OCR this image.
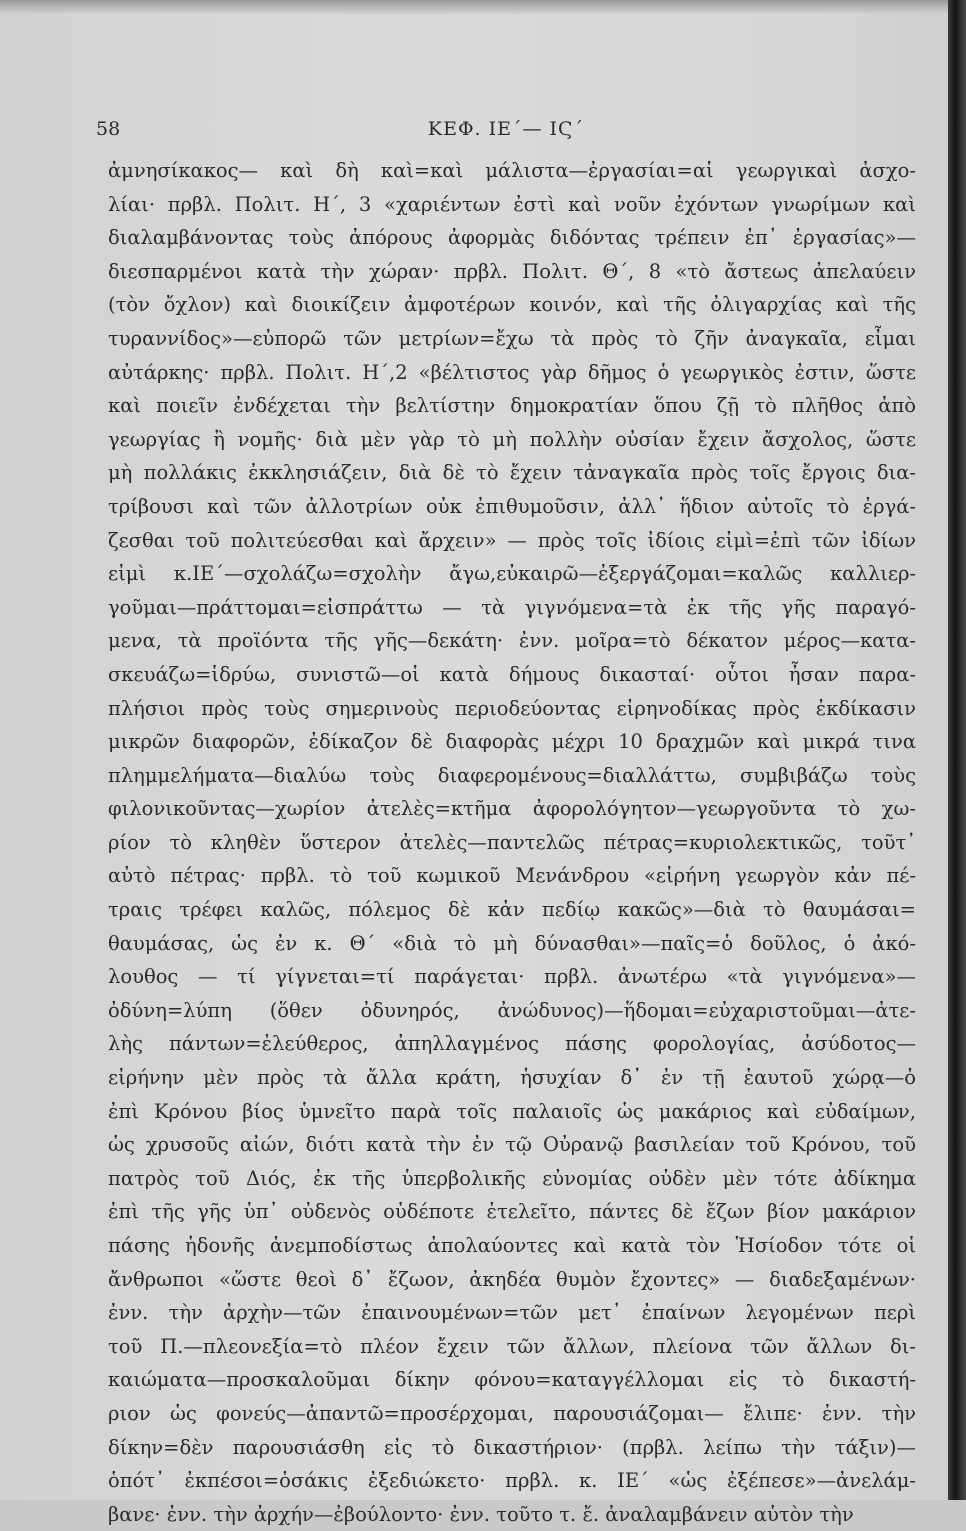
58	ΚΕΦ. ΙΕ΄— ΙϚ΄
ἀμνησίκακος— καὶ δὴ καὶ=καὶ μάλιστα—ἐργασίαι=αἱ γεωργικαὶ ἀσχο-
λίαι· πρβλ. Πολιτ. Η΄, 3 «χαριέντων ἐστὶ καὶ νοῦν ἐχόντων γνωρίμων καὶ
διαλαμβάνοντας τοὺς ἀπόρους ἀφορμὰς διδόντας τρέπειν ἐπ᾽ ἐργασίας»—
διεσπαρμένοι κατὰ τὴν χώραν· πρβλ. Πολιτ. Θ΄, 8 «τὸ ἄστεως ἀπελαύειν
(τὸν ὄχλον) καὶ διοικίζειν ἀμφοτέρων κοινόν, καὶ τῆς ὀλιγαρχίας καὶ τῆς
τυραννίδος»—εὐπορῶ τῶν μετρίων=ἔχω τὰ πρὸς τὸ ζῆν ἀναγκαῖα, εἶμαι
αὐτάρκης· πρβλ. Πολιτ. Η΄,2 «βέλτιστος γὰρ δῆμος ὁ γεωργικὸς ἐστιν, ὥστε
καὶ ποιεῖν ἐνδέχεται τὴν βελτίστην δημοκρατίαν ὅπου ζῇ τὸ πλῆθος ἀπὸ
γεωργίας ἢ νομῆς· διὰ μὲν γὰρ τὸ μὴ πολλὴν οὐσίαν ἔχειν ἄσχολος, ὥστε
μὴ πολλάκις ἐκκλησιάζειν, διὰ δὲ τὸ ἔχειν τἀναγκαῖα πρὸς τοῖς ἔργοις δια-
τρίβουσι καὶ τῶν ἀλλοτρίων οὐκ ἐπιθυμοῦσιν, ἀλλ᾽ ἥδιον αὐτοῖς τὸ ἐργά-
ζεσθαι τοῦ πολιτεύεσθαι καὶ ἄρχειν» — πρὸς τοῖς ἰδίοις εἰμὶ=ἐπὶ τῶν ἰδίων
εἰμὶ κ.ΙΕ΄—σχολάζω=σχολὴν ἄγω,εὐκαιρῶ—ἐξεργάζομαι=καλῶς καλλιερ-
γοῦμαι—πράττομαι=εἰσπράττω — τὰ γιγνόμενα=τὰ ἐκ τῆς γῆς παραγό-
μενα, τὰ προϊόντα τῆς γῆς—δεκάτη· ἐνν. μοῖρα=τὸ δέκατον μέρος—κατα-
σκευάζω=ἱδρύω, συνιστῶ—οἱ κατὰ δήμους δικασταί· οὗτοι ἦσαν παρα-
πλήσιοι πρὸς τοὺς σημερινοὺς περιοδεύοντας εἰρηνοδίκας πρὸς ἐκδίκασιν
μικρῶν διαφορῶν, ἐδίκαζον δὲ διαφορὰς μέχρι 10 δραχμῶν καὶ μικρά τινα
πλημμελήματα—διαλύω τοὺς διαφερομένους=διαλλάττω, συμβιβάζω τοὺς
φιλονικοῦντας—χωρίον ἀτελὲς=κτῆμα ἀφορολόγητον—γεωργοῦντα τὸ χω-
ρίον τὸ κληθὲν ὕστερον ἀτελὲς—παντελῶς πέτρας=κυριολεκτικῶς, τοῦτ᾽
αὐτὸ πέτρας· πρβλ. τὸ τοῦ κωμικοῦ Μενάνδρου «εἰρήνη γεωργὸν κἀν πέ-
τραις τρέφει καλῶς, πόλεμος δὲ κἀν πεδίῳ κακῶς»—διὰ τὸ θαυμάσαι=
θαυμάσας, ὡς ἐν κ. Θ΄ «διὰ τὸ μὴ δύνασθαι»—παῖς=ὁ δοῦλος, ὁ ἀκό-
λουθος — τί γίγνεται=τί παράγεται· πρβλ. ἀνωτέρω «τὰ γιγνόμενα»—
ὀδύνη=λύπη (ὅθεν ὀδυνηρός, ἀνώδυνος)—ἥδομαι=εὐχαριστοῦμαι—ἀτε-
λὴς πάντων=ἐλεύθερος, ἀπηλλαγμένος πάσης φορολογίας, ἀσύδοτος—
εἰρήνην μὲν πρὸς τὰ ἄλλα κράτη, ἡσυχίαν δ᾽ ἐν τῇ ἑαυτοῦ χώρᾳ—ὁ
ἐπὶ Κρόνου βίος ὑμνεῖτο παρὰ τοῖς παλαιοῖς ὡς μακάριος καὶ εὐδαίμων,
ὡς χρυσοῦς αἰών, διότι κατὰ τὴν ἐν τῷ Οὐρανῷ βασιλείαν τοῦ Κρόνου, τοῦ
πατρὸς τοῦ Διός, ἐκ τῆς ὑπερβολικῆς εὐνομίας οὐδὲν μὲν τότε ἀδίκημα
ἐπὶ τῆς γῆς ὑπ᾽ οὐδενὸς οὐδέποτε ἐτελεῖτο, πάντες δὲ ἔζων βίον μακάριον
πάσης ἡδονῆς ἀνεμποδίστως ἀπολαύοντες καὶ κατὰ τὸν Ἡσίοδον τότε οἱ
ἄνθρωποι «ὥστε θεοὶ δ᾽ ἔζωον, ἀκηδέα θυμὸν ἔχοντες» — διαδεξαμένων·
ἐνν. τὴν ἀρχὴν—τῶν ἐπαινουμένων=τῶν μετ᾽ ἐπαίνων λεγομένων περὶ
τοῦ Π.—πλεονεξία=τὸ πλέον ἔχειν τῶν ἄλλων, πλείονα τῶν ἄλλων δι-
καιώματα—προσκαλοῦμαι δίκην φόνου=καταγγέλλομαι εἰς τὸ δικαστή-
ριον ὡς φονεύς—ἀπαντῶ=προσέρχομαι, παρουσιάζομαι— ἔλιπε· ἐνν. τὴν
δίκην=δὲν παρουσιάσθη εἰς τὸ δικαστήριον· (πρβλ. λείπω τὴν τάξιν)—
ὁπότ᾽ ἐκπέσοι=ὁσάκις ἐξεδιώκετο· πρβλ. κ. ΙΕ΄ «ὡς ἐξέπεσε»—ἀνελάμ-
βανε· ἐνν. τὴν ἀρχήν—ἐβούλοντο· ἐνν. τοῦτο τ. ἔ. ἀναλαμβάνειν αὐτὸν τὴν
